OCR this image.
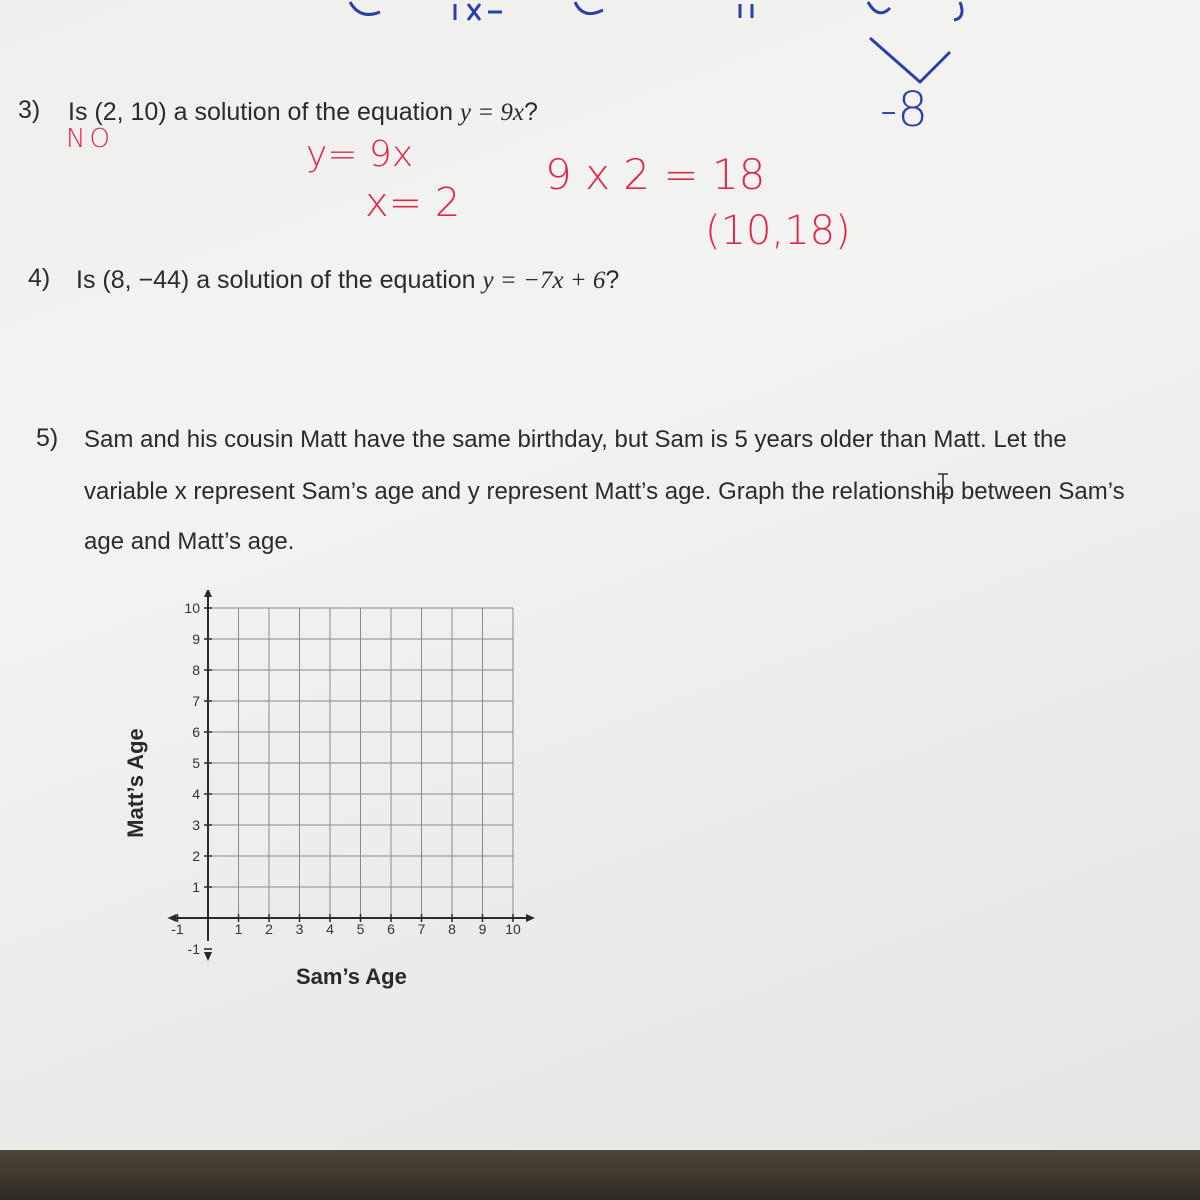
-8
3) Is (2, 10) a solution of the equation y = 9x?
NO	y= 9x
x= 2
9 x 2 = 18
(10,18)
4) Is (8, −44) a solution of the equation y = −7x + 6?
5) Sam and his cousin Matt have the same birthday, but Sam is 5 years older than Matt. Let the
variable x represent Sam’s age and y represent Matt’s age. Graph the relationship between Sam’s
age and Matt’s age.
-1	1 2 3 4 5 6 7 8 9 10
-1
1
2
3
4
5
6
7
8
9
10
Matt’s Age
Sam’s Age
